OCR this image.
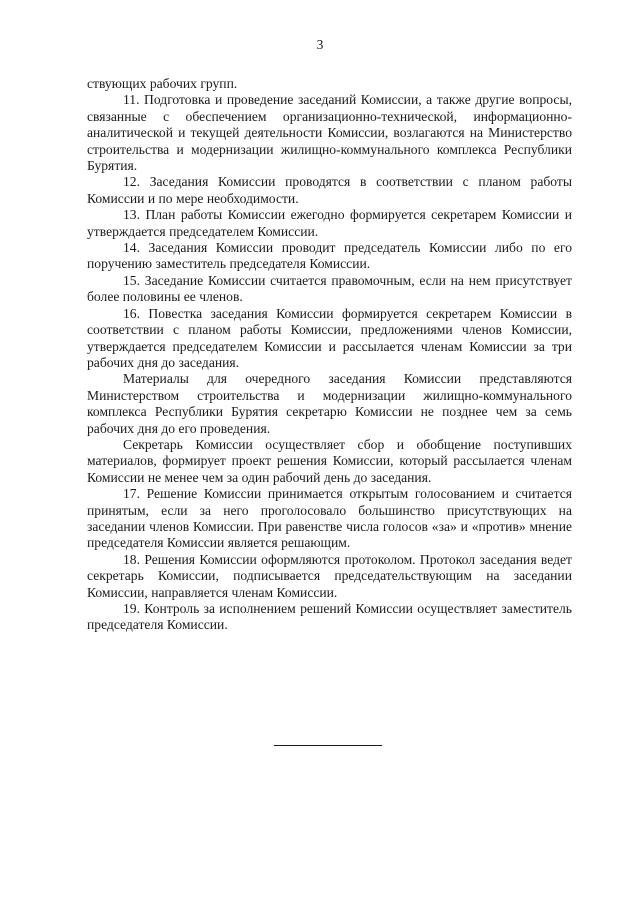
3

ствующих рабочих групп.

11. Подготовка и проведение заседаний Комиссии, а также другие вопросы, связанные с обеспечением организационно-технической, информационно-аналитической и текущей деятельности Комиссии, возлагаются на Министерство строительства и модернизации жилищно-коммунального комплекса Республики Бурятия.

12. Заседания Комиссии проводятся в соответствии с планом работы Комиссии и по мере необходимости.

13. План работы Комиссии ежегодно формируется секретарем Комиссии и утверждается председателем Комиссии.

14. Заседания Комиссии проводит председатель Комиссии либо по его поручению заместитель председателя Комиссии.

15. Заседание Комиссии считается правомочным, если на нем присутствует более половины ее членов.

16. Повестка заседания Комиссии формируется секретарем Комиссии в соответствии с планом работы Комиссии, предложениями членов Комиссии, утверждается председателем Комиссии и рассылается членам Комиссии за три рабочих дня до заседания.

Материалы для очередного заседания Комиссии представляются Министерством строительства и модернизации жилищно-коммунального комплекса Республики Бурятия секретарю Комиссии не позднее чем за семь рабочих дня до его проведения.

Секретарь Комиссии осуществляет сбор и обобщение поступивших материалов, формирует проект решения Комиссии, который рассылается членам Комиссии не менее чем за один рабочий день до заседания.

17. Решение Комиссии принимается открытым голосованием и считается принятым, если за него проголосовало большинство присутствующих на заседании членов Комиссии. При равенстве числа голосов «за» и «против» мнение председателя Комиссии является решающим.

18. Решения Комиссии оформляются протоколом. Протокол заседания ведет секретарь Комиссии, подписывается председательствующим на заседании Комиссии, направляется членам Комиссии.

19. Контроль за исполнением решений Комиссии осуществляет заместитель председателя Комиссии.
